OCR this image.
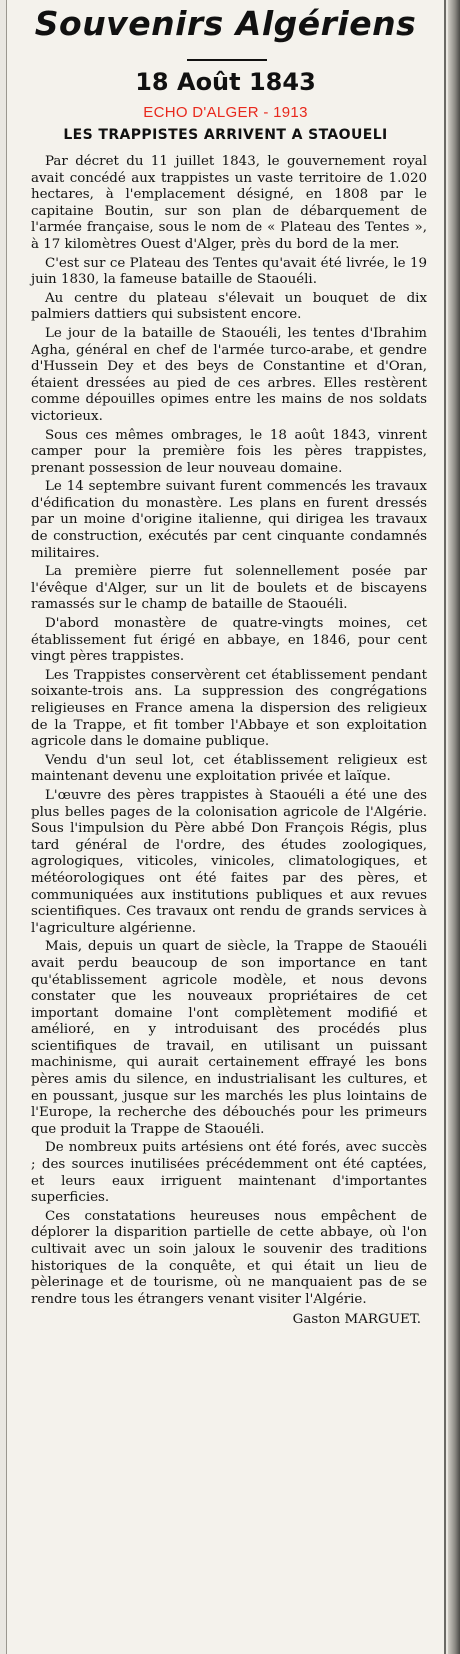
Souvenirs Algériens
18 Août 1843
ECHO D'ALGER - 1913
LES TRAPPISTES ARRIVENT A STAOUELI

Par décret du 11 juillet 1843, le gouvernement royal avait concédé aux trappistes un vaste territoire de 1.020 hectares, à l'emplacement désigné, en 1808 par le capitaine Boutin, sur son plan de débarquement de l'armée française, sous le nom de « Plateau des Tentes », à 17 kilomètres Ouest d'Alger, près du bord de la mer.

C'est sur ce Plateau des Tentes qu'avait été livrée, le 19 juin 1830, la fameuse bataille de Staouéli.

Au centre du plateau s'élevait un bouquet de dix palmiers dattiers qui subsistent encore.

Le jour de la bataille de Staouéli, les tentes d'Ibrahim Agha, général en chef de l'armée turco-arabe, et gendre d'Hussein Dey et des beys de Constantine et d'Oran, étaient dressées au pied de ces arbres. Elles restèrent comme dépouilles opimes entre les mains de nos soldats victorieux.

Sous ces mêmes ombrages, le 18 août 1843, vinrent camper pour la première fois les pères trappistes, prenant possession de leur nouveau domaine.

Le 14 septembre suivant furent commencés les travaux d'édification du monastère. Les plans en furent dressés par un moine d'origine italienne, qui dirigea les travaux de construction, exécutés par cent cinquante condamnés militaires.

La première pierre fut solennellement posée par l'évêque d'Alger, sur un lit de boulets et de biscayens ramassés sur le champ de bataille de Staouéli.

D'abord monastère de quatre-vingts moines, cet établissement fut érigé en abbaye, en 1846, pour cent vingt pères trappistes.

Les Trappistes conservèrent cet établissement pendant soixante-trois ans. La suppression des congrégations religieuses en France amena la dispersion des religieux de la Trappe, et fit tomber l'Abbaye et son exploitation agricole dans le domaine publique.

Vendu d'un seul lot, cet établissement religieux est maintenant devenu une exploitation privée et laïque.

L'œuvre des pères trappistes à Staouéli a été une des plus belles pages de la colonisation agricole de l'Algérie. Sous l'impulsion du Père abbé Don François Régis, plus tard général de l'ordre, des études zoologiques, agrologiques, viticoles, vinicoles, climatologiques, et météorologiques ont été faites par des pères, et communiquées aux institutions publiques et aux revues scientifiques. Ces travaux ont rendu de grands services à l'agriculture algérienne.

Mais, depuis un quart de siècle, la Trappe de Staouéli avait perdu beaucoup de son importance en tant qu'établissement agricole modèle, et nous devons constater que les nouveaux propriétaires de cet important domaine l'ont complètement modifié et amélioré, en y introduisant des procédés plus scientifiques de travail, en utilisant un puissant machinisme, qui aurait certainement effrayé les bons pères amis du silence, en industrialisant les cultures, et en poussant, jusque sur les marchés les plus lointains de l'Europe, la recherche des débouchés pour les primeurs que produit la Trappe de Staouéli.

De nombreux puits artésiens ont été forés, avec succès ; des sources inutilisées précédemment ont été captées, et leurs eaux irriguent maintenant d'importantes superficies.

Ces constatations heureuses nous empêchent de déplorer la disparition partielle de cette abbaye, où l'on cultivait avec un soin jaloux le souvenir des traditions historiques de la conquête, et qui était un lieu de pèlerinage et de tourisme, où ne manquaient pas de se rendre tous les étrangers venant visiter l'Algérie.

Gaston MARGUET.
